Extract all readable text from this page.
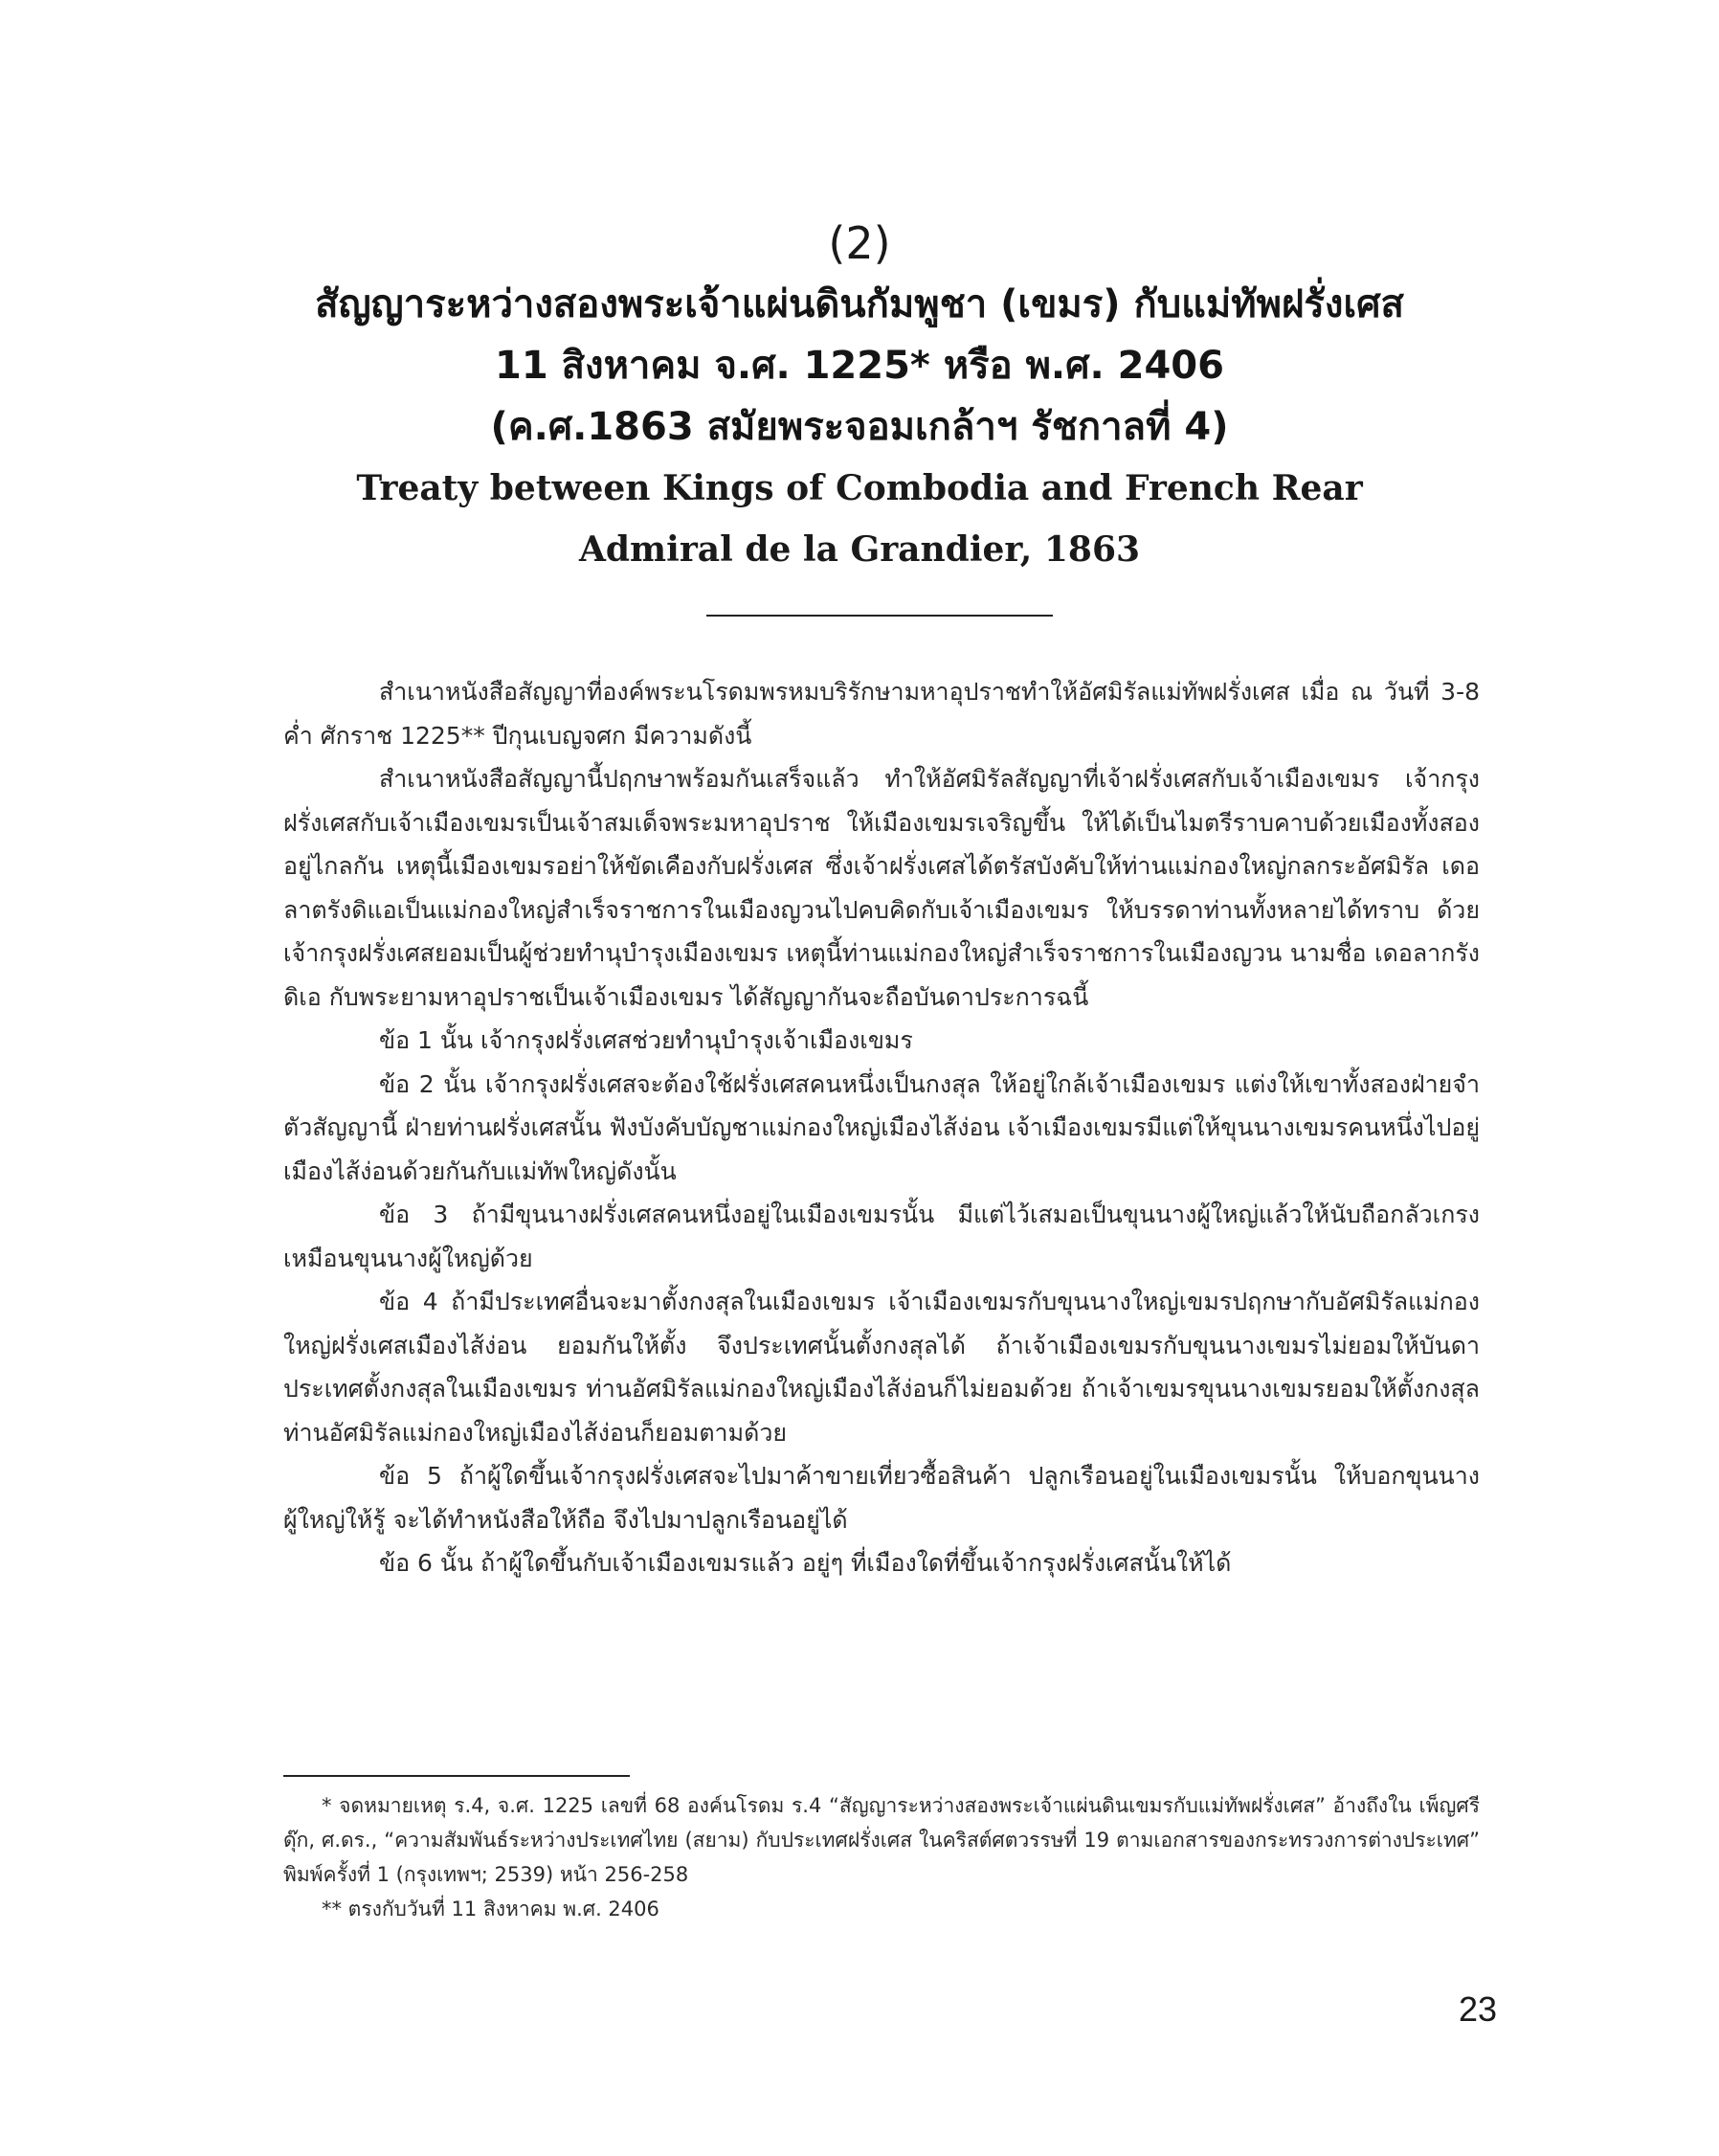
(2)
สัญญาระหว่างสองพระเจ้าแผ่นดินกัมพูชา (เขมร) กับแม่ทัพฝรั่งเศส
11 สิงหาคม จ.ศ. 1225* หรือ พ.ศ. 2406
(ค.ศ.1863 สมัยพระจอมเกล้าฯ รัชกาลที่ 4)
Treaty between Kings of Combodia and French Rear
Admiral de la Grandier, 1863

สำเนาหนังสือสัญญาที่องค์พระนโรดมพรหมบริรักษามหาอุปราชทำให้อัศมิรัลแม่ทัพฝรั่งเศส เมื่อ ณ วันที่ 3-8 ค่ำ ศักราช 1225** ปีกุนเบญจศก มีความดังนี้

สำเนาหนังสือสัญญานี้ปฤกษาพร้อมกันเสร็จแล้ว ทำให้อัศมิรัลสัญญาที่เจ้าฝรั่งเศสกับเจ้าเมืองเขมร เจ้ากรุงฝรั่งเศสกับเจ้าเมืองเขมรเป็นเจ้าสมเด็จพระมหาอุปราช ให้เมืองเขมรเจริญขึ้น ให้ได้เป็นไมตรีราบคาบด้วยเมืองทั้งสองอยู่ไกลกัน เหตุนี้เมืองเขมรอย่าให้ขัดเคืองกับฝรั่งเศส ซึ่งเจ้าฝรั่งเศสได้ตรัสบังคับให้ท่านแม่กองใหญ่กลกระอัศมิรัล เดอลาตรังดิแอเป็นแม่กองใหญ่สำเร็จราชการในเมืองญวนไปคบคิดกับเจ้าเมืองเขมร ให้บรรดาท่านทั้งหลายได้ทราบ ด้วยเจ้ากรุงฝรั่งเศสยอมเป็นผู้ช่วยทำนุบำรุงเมืองเขมร เหตุนี้ท่านแม่กองใหญ่สำเร็จราชการในเมืองญวน นามชื่อ เดอลากรังดิเอ กับพระยามหาอุปราชเป็นเจ้าเมืองเขมร ได้สัญญากันจะถือบันดาประการฉนี้

ข้อ 1 นั้น เจ้ากรุงฝรั่งเศสช่วยทำนุบำรุงเจ้าเมืองเขมร

ข้อ 2 นั้น เจ้ากรุงฝรั่งเศสจะต้องใช้ฝรั่งเศสคนหนึ่งเป็นกงสุล ให้อยู่ใกล้เจ้าเมืองเขมร แต่งให้เขาทั้งสองฝ่ายจำตัวสัญญานี้ ฝ่ายท่านฝรั่งเศสนั้น ฟังบังคับบัญชาแม่กองใหญ่เมืองไส้ง่อน เจ้าเมืองเขมรมีแต่ให้ขุนนางเขมรคนหนึ่งไปอยู่เมืองไส้ง่อนด้วยกันกับแม่ทัพใหญ่ดังนั้น

ข้อ 3 ถ้ามีขุนนางฝรั่งเศสคนหนึ่งอยู่ในเมืองเขมรนั้น มีแต่ไว้เสมอเป็นขุนนางผู้ใหญ่แล้วให้นับถือกลัวเกรงเหมือนขุนนางผู้ใหญ่ด้วย

ข้อ 4 ถ้ามีประเทศอื่นจะมาตั้งกงสุลในเมืองเขมร เจ้าเมืองเขมรกับขุนนางใหญ่เขมรปฤกษากับอัศมิรัลแม่กองใหญ่ฝรั่งเศสเมืองไส้ง่อน ยอมกันให้ตั้ง จึงประเทศนั้นตั้งกงสุลได้ ถ้าเจ้าเมืองเขมรกับขุนนางเขมรไม่ยอมให้บันดาประเทศตั้งกงสุลในเมืองเขมร ท่านอัศมิรัลแม่กองใหญ่เมืองไส้ง่อนก็ไม่ยอมด้วย ถ้าเจ้าเขมรขุนนางเขมรยอมให้ตั้งกงสุล ท่านอัศมิรัลแม่กองใหญ่เมืองไส้ง่อนก็ยอมตามด้วย

ข้อ 5 ถ้าผู้ใดขึ้นเจ้ากรุงฝรั่งเศสจะไปมาค้าขายเที่ยวซื้อสินค้า ปลูกเรือนอยู่ในเมืองเขมรนั้น ให้บอกขุนนางผู้ใหญ่ให้รู้ จะได้ทำหนังสือให้ถือ จึงไปมาปลูกเรือนอยู่ได้

ข้อ 6 นั้น ถ้าผู้ใดขึ้นกับเจ้าเมืองเขมรแล้ว อยู่ๆ ที่เมืองใดที่ขึ้นเจ้ากรุงฝรั่งเศสนั้นให้ได้

* จดหมายเหตุ ร.4, จ.ศ. 1225 เลขที่ 68 องค์นโรดม ร.4 “สัญญาระหว่างสองพระเจ้าแผ่นดินเขมรกับแม่ทัพฝรั่งเศส” อ้างถึงใน เพ็ญศรี ดุ๊ก, ศ.ดร., “ความสัมพันธ์ระหว่างประเทศไทย (สยาม) กับประเทศฝรั่งเศส ในคริสต์ศตวรรษที่ 19 ตามเอกสารของกระทรวงการต่างประเทศ” พิมพ์ครั้งที่ 1 (กรุงเทพฯ; 2539) หน้า 256-258

** ตรงกับวันที่ 11 สิงหาคม พ.ศ. 2406

23
